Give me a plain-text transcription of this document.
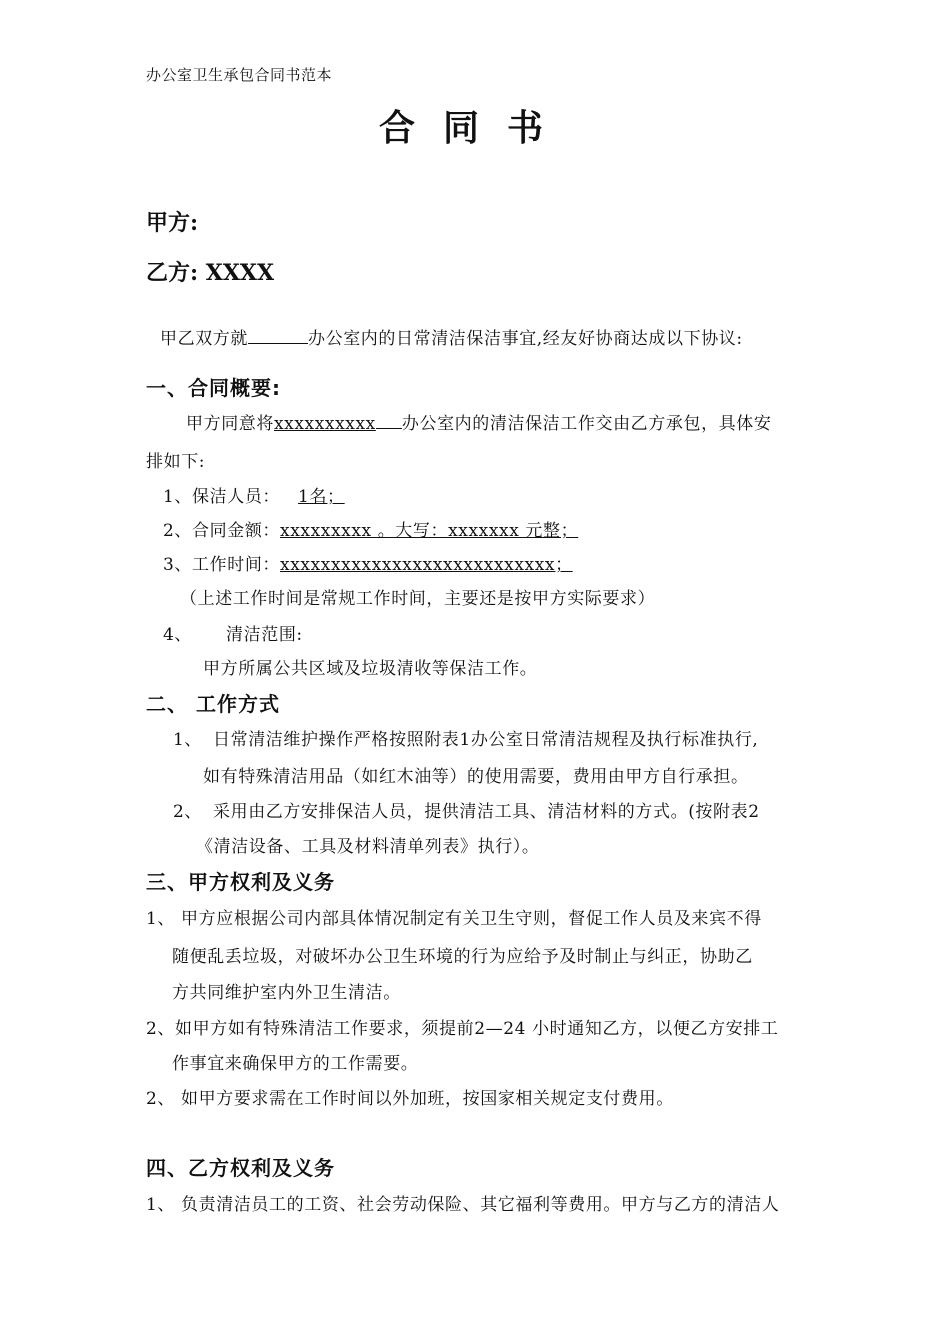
办公室卫生承包合同书范本
合同书
甲方:
乙方: XXXX
甲乙双方就	办公室内的日常清洁保洁事宜,经友好协商达成以下协议:
一、合同概要:
甲方同意将xxxxxxxxxx 办公室内的清洁保洁工作交由乙方承包，具体安
排如下:
1、保洁人员： 1名；
2、合同金额：xxxxxxxxx 。大写：xxxxxxx 元整；
3、工作时间：xxxxxxxxxxxxxxxxxxxxxxxxxxx；
（上述工作时间是常规工作时间，主要还是按甲方实际要求）
4、 清洁范围:
甲方所属公共区域及垃圾清收等保洁工作。
二、 工作方式
1、 日常清洁维护操作严格按照附表1办公室日常清洁规程及执行标准执行,
如有特殊清洁用品（如红木油等）的使用需要，费用由甲方自行承担。
2、 采用由乙方安排保洁人员，提供清洁工具、清洁材料的方式。(按附表2
《清洁设备、工具及材料清单列表》执行）。
三、甲方权利及义务
1、 甲方应根据公司内部具体情况制定有关卫生守则，督促工作人员及来宾不得
随便乱丢垃圾，对破坏办公卫生环境的行为应给予及时制止与纠正，协助乙
方共同维护室内外卫生清洁。
2、如甲方如有特殊清洁工作要求，须提前2—24 小时通知乙方，以便乙方安排工
作事宜来确保甲方的工作需要。
2、 如甲方要求需在工作时间以外加班，按国家相关规定支付费用。
四、乙方权利及义务
1、 负责清洁员工的工资、社会劳动保险、其它福利等费用。甲方与乙方的清洁人
